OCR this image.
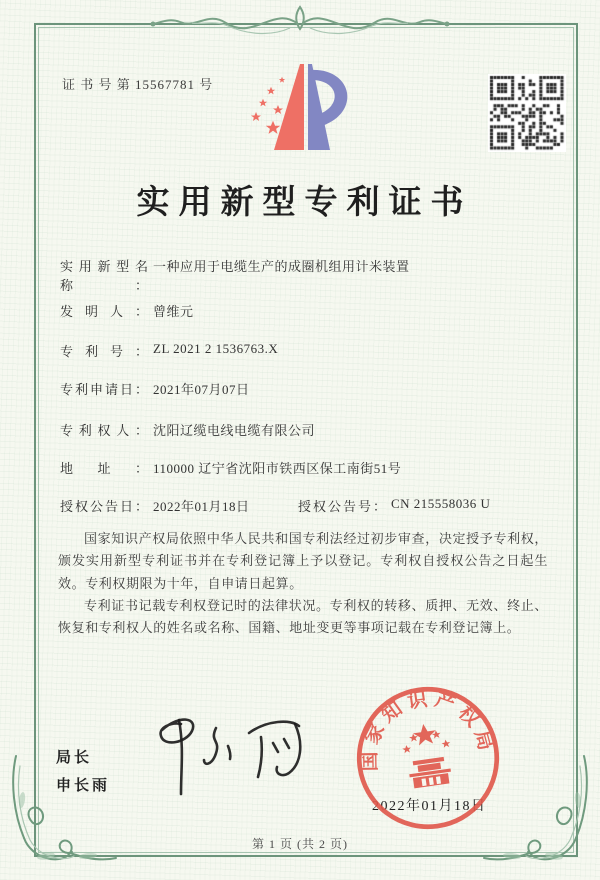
证 书 号 第 15567781 号
实用新型专利证书
实用新型名称：一种应用于电缆生产的成圈机组用计米装置
发明人： 曾维元
专利号： ZL 2021 2 1536763.X
专利申请日： 2021年07月07日
专利权人： 沈阳辽缆电线电缆有限公司
地址： 110000 辽宁省沈阳市铁西区保工南街51号
授权公告日： 2022年01月18日	授权公告号： CN 215558036 U

国家知识产权局依照中华人民共和国专利法经过初步审查，决定授予专利权，颁发实用新型专利证书并在专利登记簿上予以登记。专利权自授权公告之日起生效。专利权期限为十年，自申请日起算。

专利证书记载专利权登记时的法律状况。专利权的转移、质押、无效、终止、恢复和专利权人的姓名或名称、国籍、地址变更等事项记载在专利登记簿上。

局长
申长雨
国家知识产权局
2022年01月18日
第 1 页 (共 2 页)
